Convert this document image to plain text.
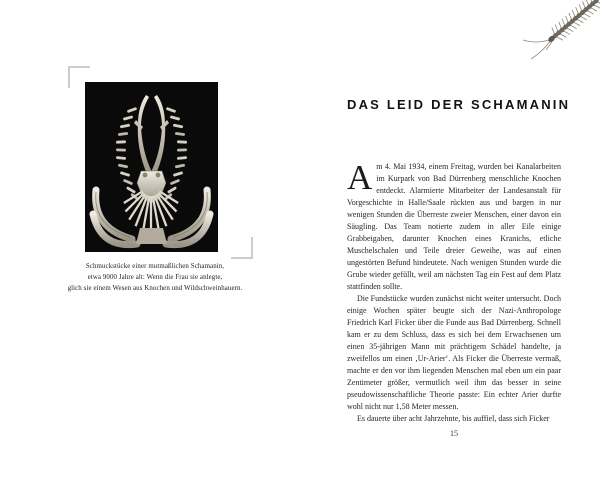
Schmuckstücke einer mutmaßlichen Schamanin,
etwa 9000 Jahre alt: Wenn die Frau sie anlegte,
glich sie einem Wesen aus Knochen und Wildschweinhauern.
DAS LEID DER SCHAMANIN

Am 4. Mai 1934, einem Freitag, wurden bei Kanalarbeiten im Kurpark von Bad Dürrenberg menschliche Knochen entdeckt. Alarmierte Mitarbeiter der Landesanstalt für Vorgeschichte in Halle/Saale rückten aus und bargen in nur wenigen Stunden die Überreste zweier Menschen, einer davon ein Säugling. Das Team notierte zudem in aller Eile einige Grabbeigaben, darunter Knochen eines Kranichs, etliche Muschelschalen und Teile dreier Geweihe, was auf einen ungestörten Befund hindeutete. Nach wenigen Stunden wurde die Grube wieder gefüllt, weil am nächsten Tag ein Fest auf dem Platz stattfinden sollte.

Die Fundstücke wurden zunächst nicht weiter untersucht. Doch einige Wochen später beugte sich der Nazi-Anthropologe Friedrich Karl Ficker über die Funde aus Bad Dürrenberg. Schnell kam er zu dem Schluss, dass es sich bei dem Erwachsenen um einen 35-jährigen Mann mit prächtigem Schädel handelte, ja zweifellos um einen ‚Ur-Arier‘. Als Ficker die Überreste vermaß, machte er den vor ihm liegenden Menschen mal eben um ein paar Zentimeter größer, vermutlich weil ihm das besser in seine pseudowissenschaftliche Theorie passte: Ein echter Arier durfte wohl nicht nur 1,58 Meter messen.

Es dauerte über acht Jahrzehnte, bis auffiel, dass sich Ficker

15
